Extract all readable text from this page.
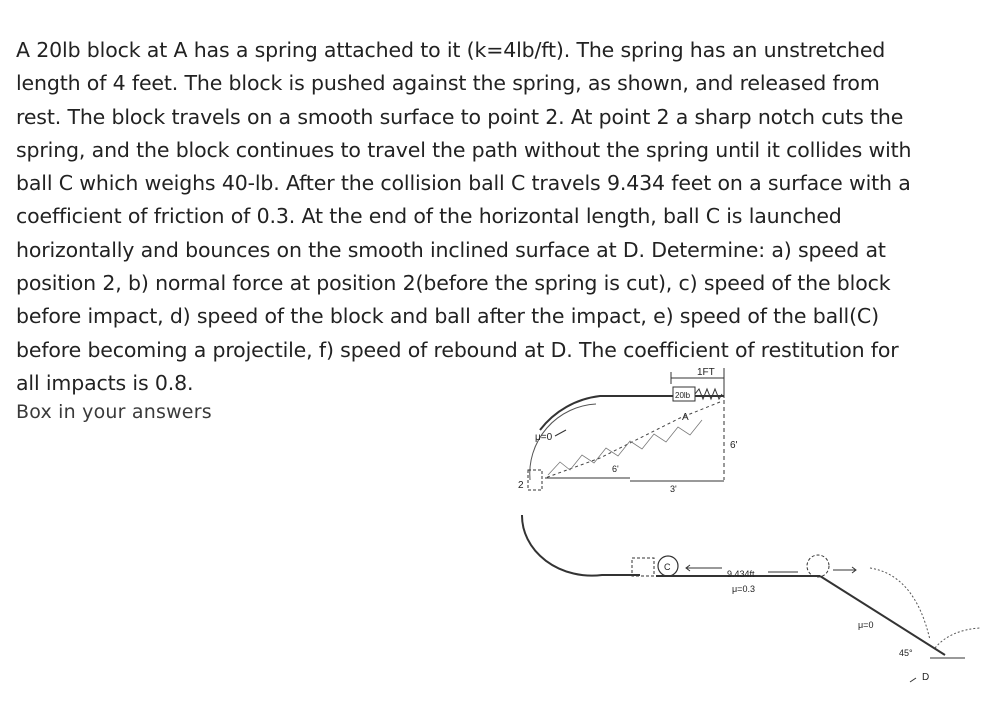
A 20lb block at A has a spring attached to it (k=4lb/ft). The spring has an unstretched
length of 4 feet. The block is pushed against the spring, as shown, and released from
rest. The block travels on a smooth surface to point 2. At point 2 a sharp notch cuts the
spring, and the block continues to travel the path without the spring until it collides with
ball C which weighs 40-lb. After the collision ball C travels 9.434 feet on a surface with a
coefficient of friction of 0.3. At the end of the horizontal length, ball C is launched
horizontally and bounces on the smooth inclined surface at D. Determine: a) speed at
position 2, b) normal force at position 2(before the spring is cut), c) speed of the block
before impact, d) speed of the block and ball after the impact, e) speed of the ball(C)
before becoming a projectile, f) speed of rebound at D. The coefficient of restitution for
all impacts is 0.8.
Box in your answers
1FT
20lb
A
6'
6'
3'
μ=0
2
C
9.434ft
μ=0.3
μ=0
45°
D
